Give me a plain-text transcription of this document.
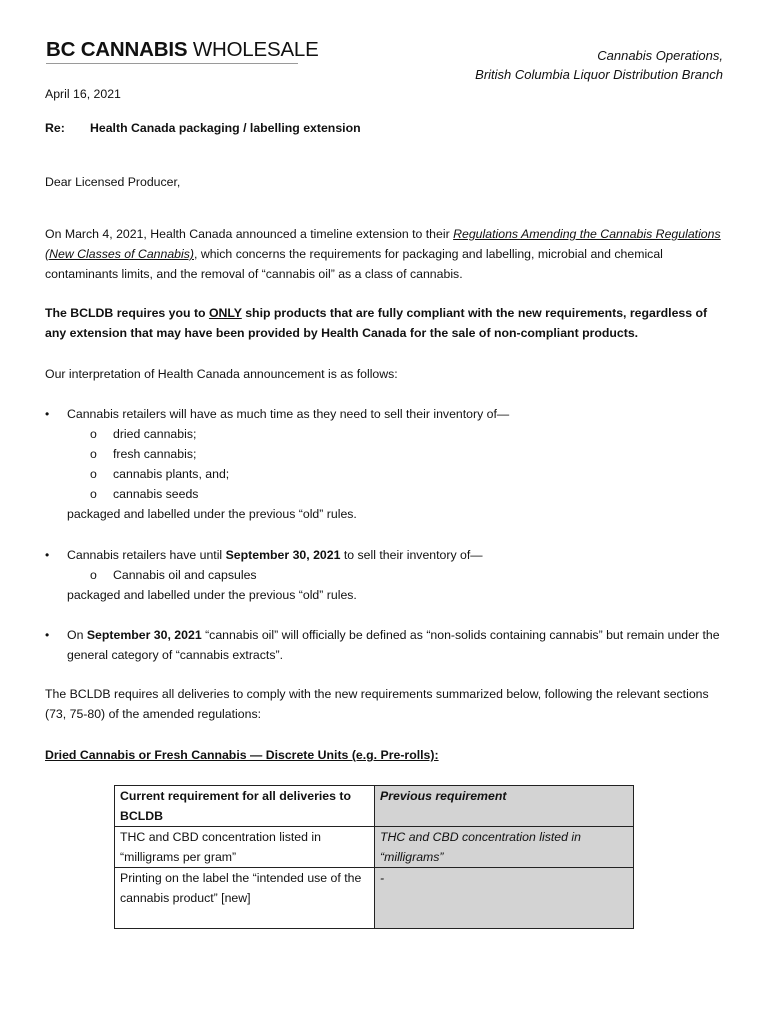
BC CANNABIS WHOLESALE	Cannabis Operations,
British Columbia Liquor Distribution Branch
April 16, 2021
Re: Health Canada packaging / labelling extension
Dear Licensed Producer,
On March 4, 2021, Health Canada announced a timeline extension to their Regulations Amending the Cannabis Regulations (New Classes of Cannabis), which concerns the requirements for packaging and labelling, microbial and chemical contaminants limits, and the removal of “cannabis oil” as a class of cannabis.
The BCLDB requires you to ONLY ship products that are fully compliant with the new requirements, regardless of any extension that may have been provided by Health Canada for the sale of non-compliant products.
Our interpretation of Health Canada announcement is as follows:
• Cannabis retailers will have as much time as they need to sell their inventory of—
o dried cannabis;
o fresh cannabis;
o cannabis plants, and;
o cannabis seeds
packaged and labelled under the previous “old” rules.
• Cannabis retailers have until September 30, 2021 to sell their inventory of—
o Cannabis oil and capsules
packaged and labelled under the previous “old” rules.
• On September 30, 2021 “cannabis oil” will officially be defined as “non-solids containing cannabis” but remain under the general category of “cannabis extracts”.
The BCLDB requires all deliveries to comply with the new requirements summarized below, following the relevant sections (73, 75-80) of the amended regulations:
Dried Cannabis or Fresh Cannabis — Discrete Units (e.g. Pre-rolls):
Current requirement for all deliveries to BCLDB	Previous requirement
THC and CBD concentration listed in “milligrams per gram”	THC and CBD concentration listed in “milligrams”
Printing on the label the “intended use of the cannabis product” [new]	-
